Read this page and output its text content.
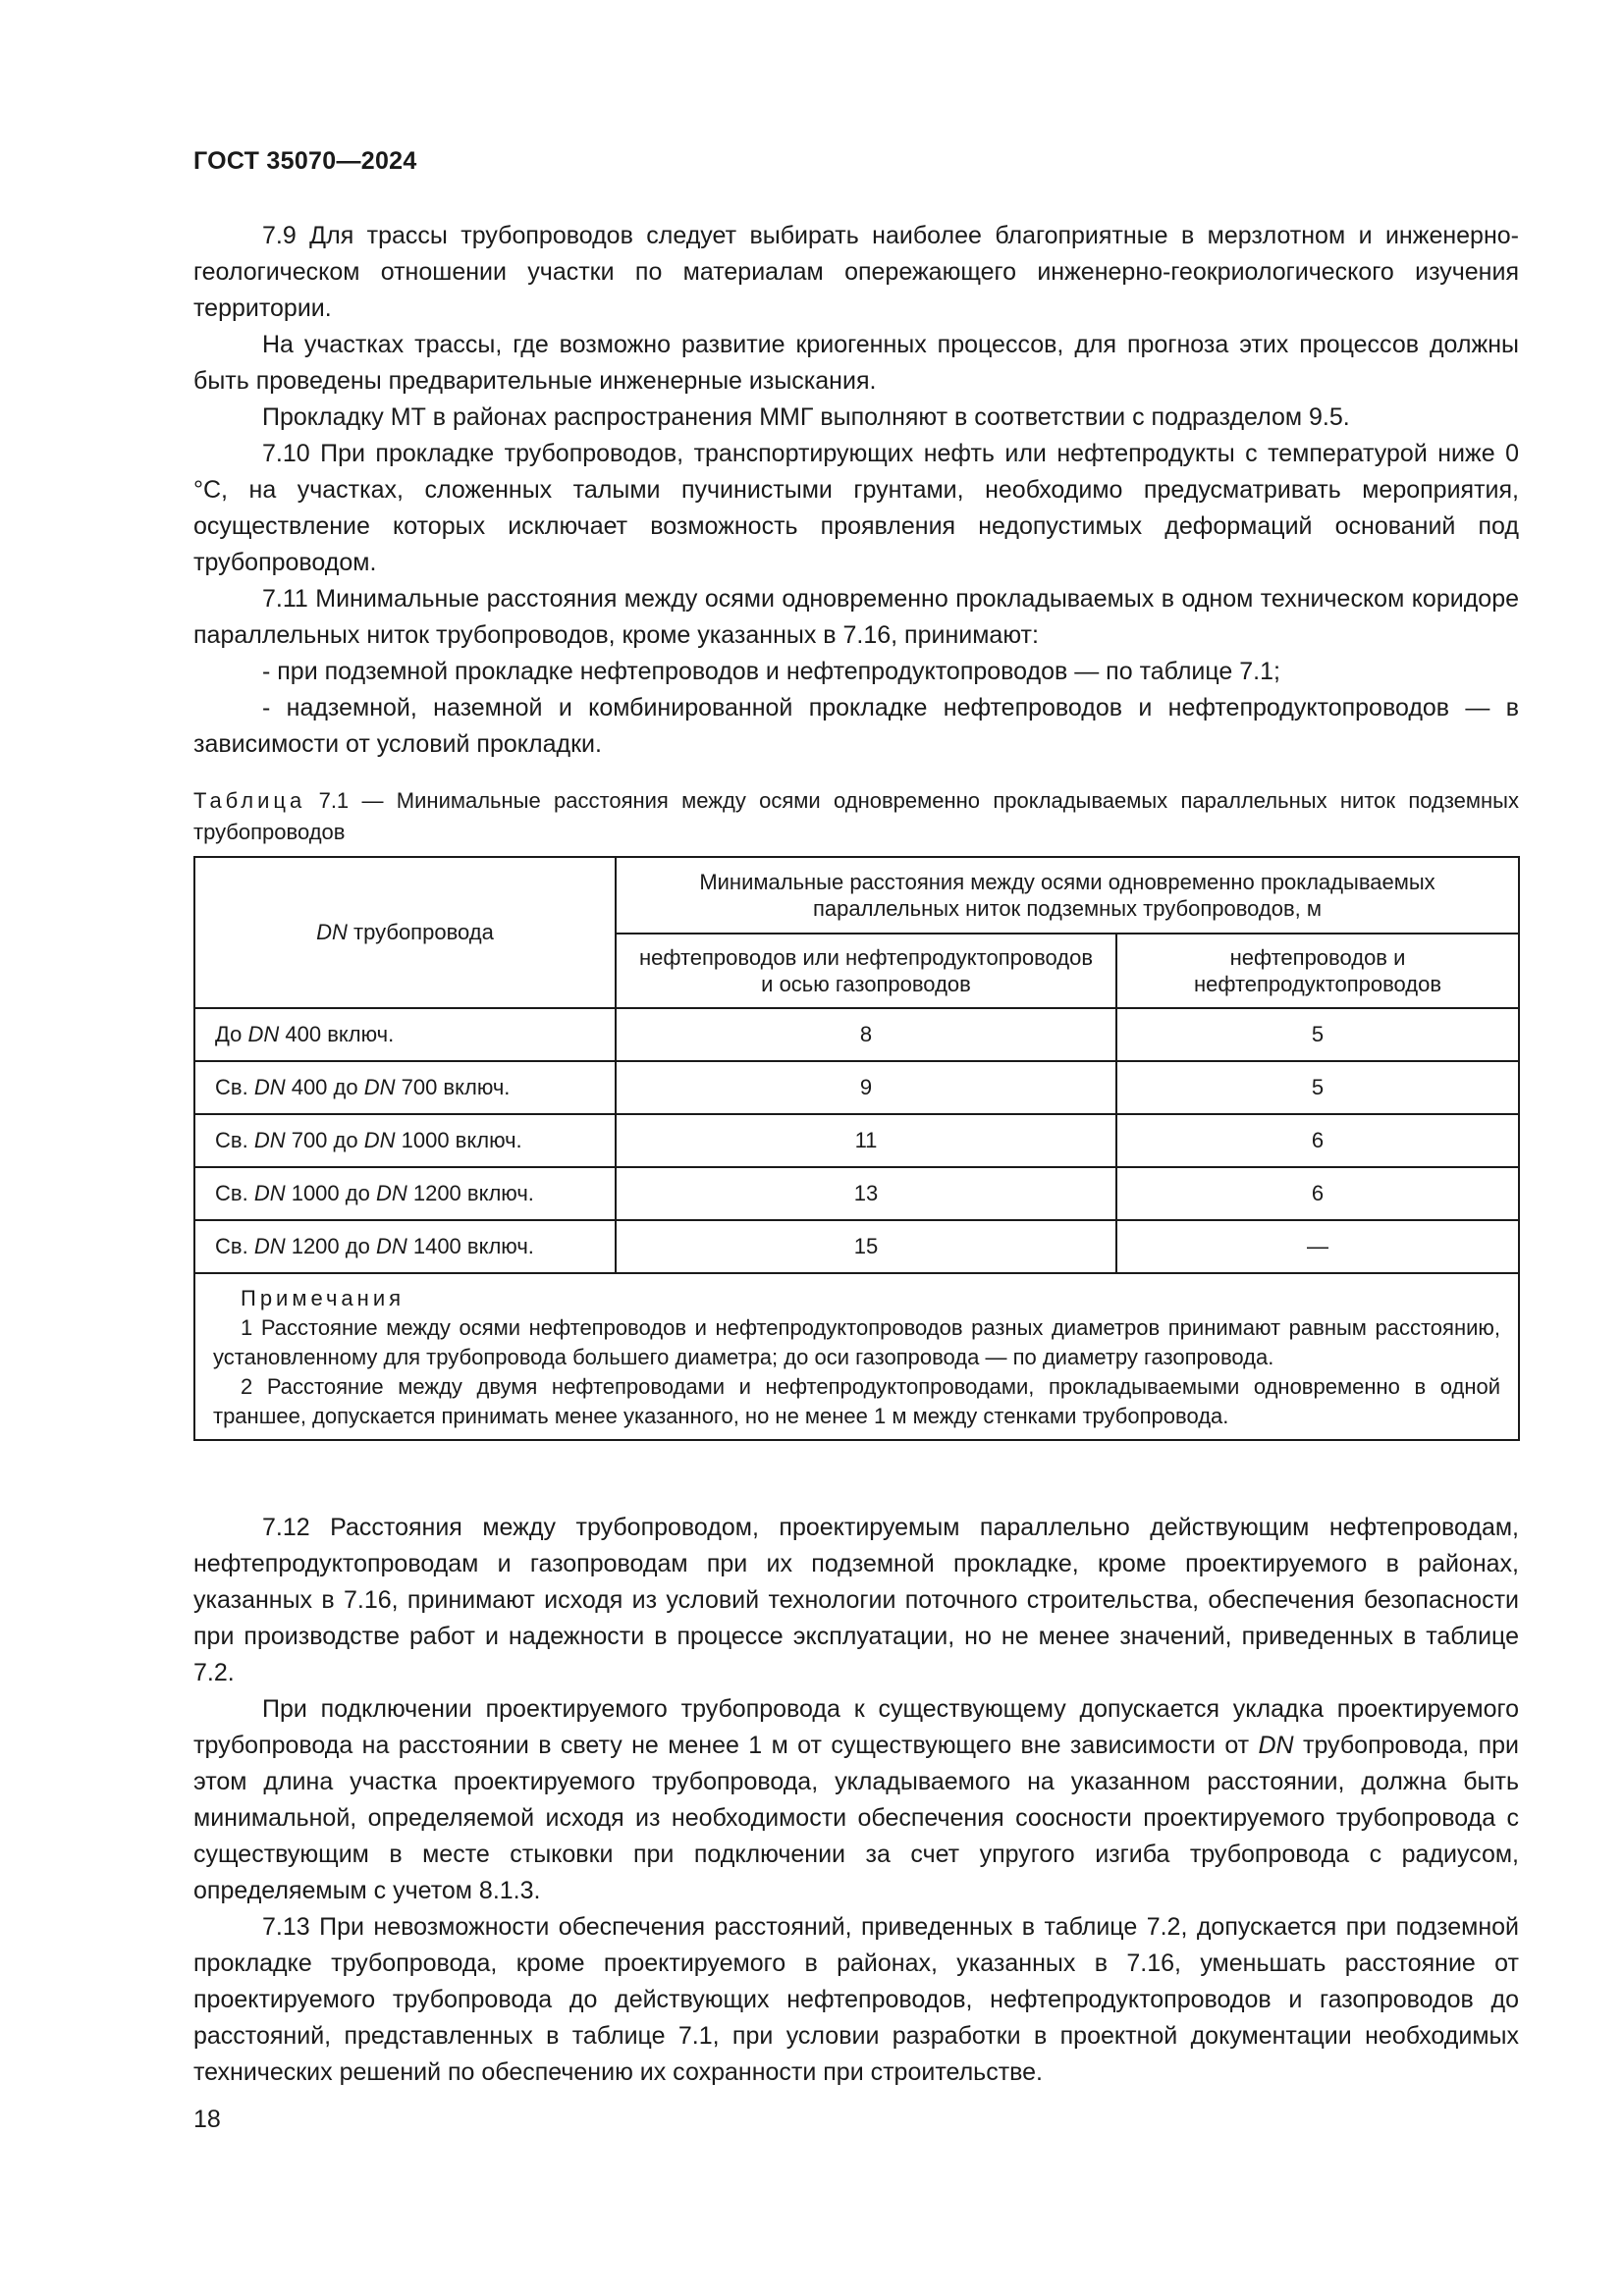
ГОСТ 35070—2024

7.9 Для трассы трубопроводов следует выбирать наиболее благоприятные в мерзлотном и инженерно-геологическом отношении участки по материалам опережающего инженерно-геокриологического изучения территории.

На участках трассы, где возможно развитие криогенных процессов, для прогноза этих процессов должны быть проведены предварительные инженерные изыскания.

Прокладку МТ в районах распространения ММГ выполняют в соответствии с подразделом 9.5.

7.10 При прокладке трубопроводов, транспортирующих нефть или нефтепродукты с температурой ниже 0 °С, на участках, сложенных талыми пучинистыми грунтами, необходимо предусматривать мероприятия, осуществление которых исключает возможность проявления недопустимых деформаций оснований под трубопроводом.

7.11 Минимальные расстояния между осями одновременно прокладываемых в одном техническом коридоре параллельных ниток трубопроводов, кроме указанных в 7.16, принимают:

- при подземной прокладке нефтепроводов и нефтепродуктопроводов — по таблице 7.1;

- надземной, наземной и комбинированной прокладке нефтепроводов и нефтепродуктопроводов — в зависимости от условий прокладки.

Таблица 7.1 — Минимальные расстояния между осями одновременно прокладываемых параллельных ниток подземных трубопроводов
DN трубопровода	Минимальные расстояния между осями одновременно прокладываемых параллельных ниток подземных трубопроводов, м	

	нефтепроводов или нефтепродуктопроводов и осью газопроводов	нефтепроводов и нефтепродуктопроводов

До DN 400 включ.	8	5
Св. DN 400 до DN 700 включ.	9	5
Св. DN 700 до DN 1000 включ.	11	6
Св. DN 1000 до DN 1200 включ.	13	6
Св. DN 1200 до DN 1400 включ.	15	—

Примечания

1 Расстояние между осями нефтепроводов и нефтепродуктопроводов разных диаметров принимают равным расстоянию, установленному для трубопровода большего диаметра; до оси газопровода — по диаметру газопровода.

2 Расстояние между двумя нефтепроводами и нефтепродуктопроводами, прокладываемыми одновременно в одной траншее, допускается принимать менее указанного, но не менее 1 м между стенками трубопровода.		

7.12 Расстояния между трубопроводом, проектируемым параллельно действующим нефтепроводам, нефтепродуктопроводам и газопроводам при их подземной прокладке, кроме проектируемого в районах, указанных в 7.16, принимают исходя из условий технологии поточного строительства, обеспечения безопасности при производстве работ и надежности в процессе эксплуатации, но не менее значений, приведенных в таблице 7.2.

При подключении проектируемого трубопровода к существующему допускается укладка проектируемого трубопровода на расстоянии в свету не менее 1 м от существующего вне зависимости от DN трубопровода, при этом длина участка проектируемого трубопровода, укладываемого на указанном расстоянии, должна быть минимальной, определяемой исходя из необходимости обеспечения соосности проектируемого трубопровода с существующим в месте стыковки при подключении за счет упругого изгиба трубопровода с радиусом, определяемым с учетом 8.1.3.

7.13 При невозможности обеспечения расстояний, приведенных в таблице 7.2, допускается при подземной прокладке трубопровода, кроме проектируемого в районах, указанных в 7.16, уменьшать расстояние от проектируемого трубопровода до действующих нефтепроводов, нефтепродуктопроводов и газопроводов до расстояний, представленных в таблице 7.1, при условии разработки в проектной документации необходимых технических решений по обеспечению их сохранности при строительстве.

18
